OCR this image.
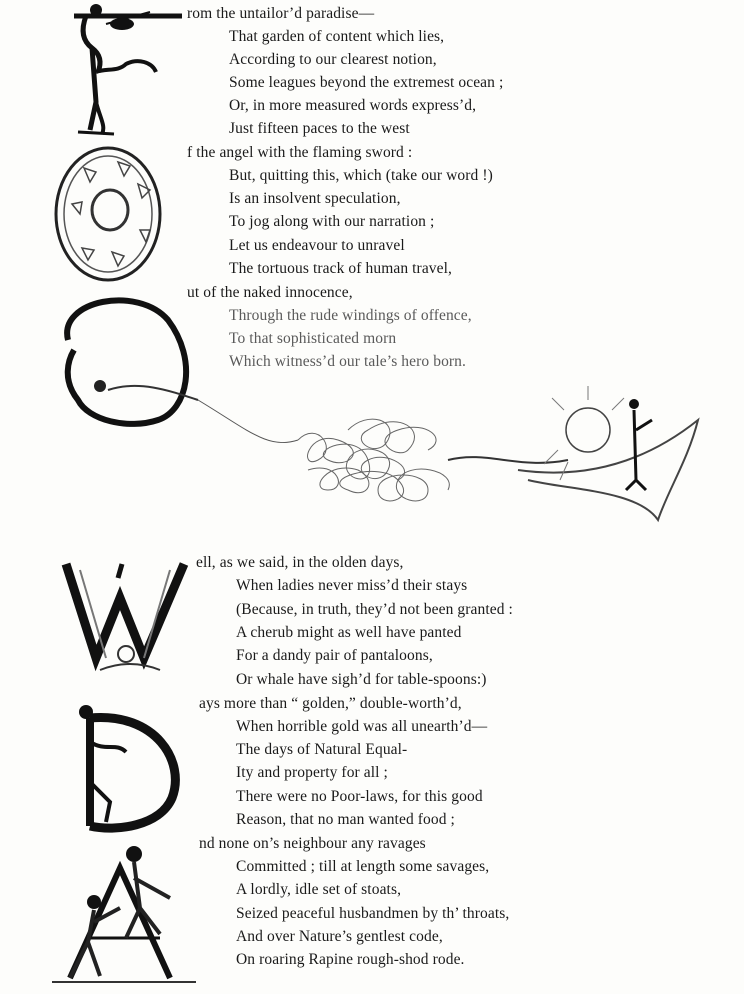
rom the untailor’d paradise—

That garden of content which lies,

According to our clearest notion,

Some leagues beyond the extremest ocean ;

Or, in more measured words express’d,

Just fifteen paces to the west

f the angel with the flaming sword :

But, quitting this, which (take our word !)

Is an insolvent speculation,

To jog along with our narration ;

Let us endeavour to unravel

The tortuous track of human travel,

ut of the naked innocence,

Through the rude windings of offence,

To that sophisticated morn

Which witness’d our tale’s hero born.

ell, as we said, in the olden days,

When ladies never miss’d their stays

(Because, in truth, they’d not been granted :

A cherub might as well have panted

For a dandy pair of pantaloons,

Or whale have sigh’d for table-spoons:)

ays more than “ golden,” double-worth’d,

When horrible gold was all unearth’d—

The days of Natural Equal-

Ity and property for all ;

There were no Poor-laws, for this good

Reason, that no man wanted food ;

nd none on’s neighbour any ravages

Committed ; till at length some savages,

A lordly, idle set of stoats,

Seized peaceful husbandmen by th’ throats,

And over Nature’s gentlest code,

On roaring Rapine rough-shod rode.
